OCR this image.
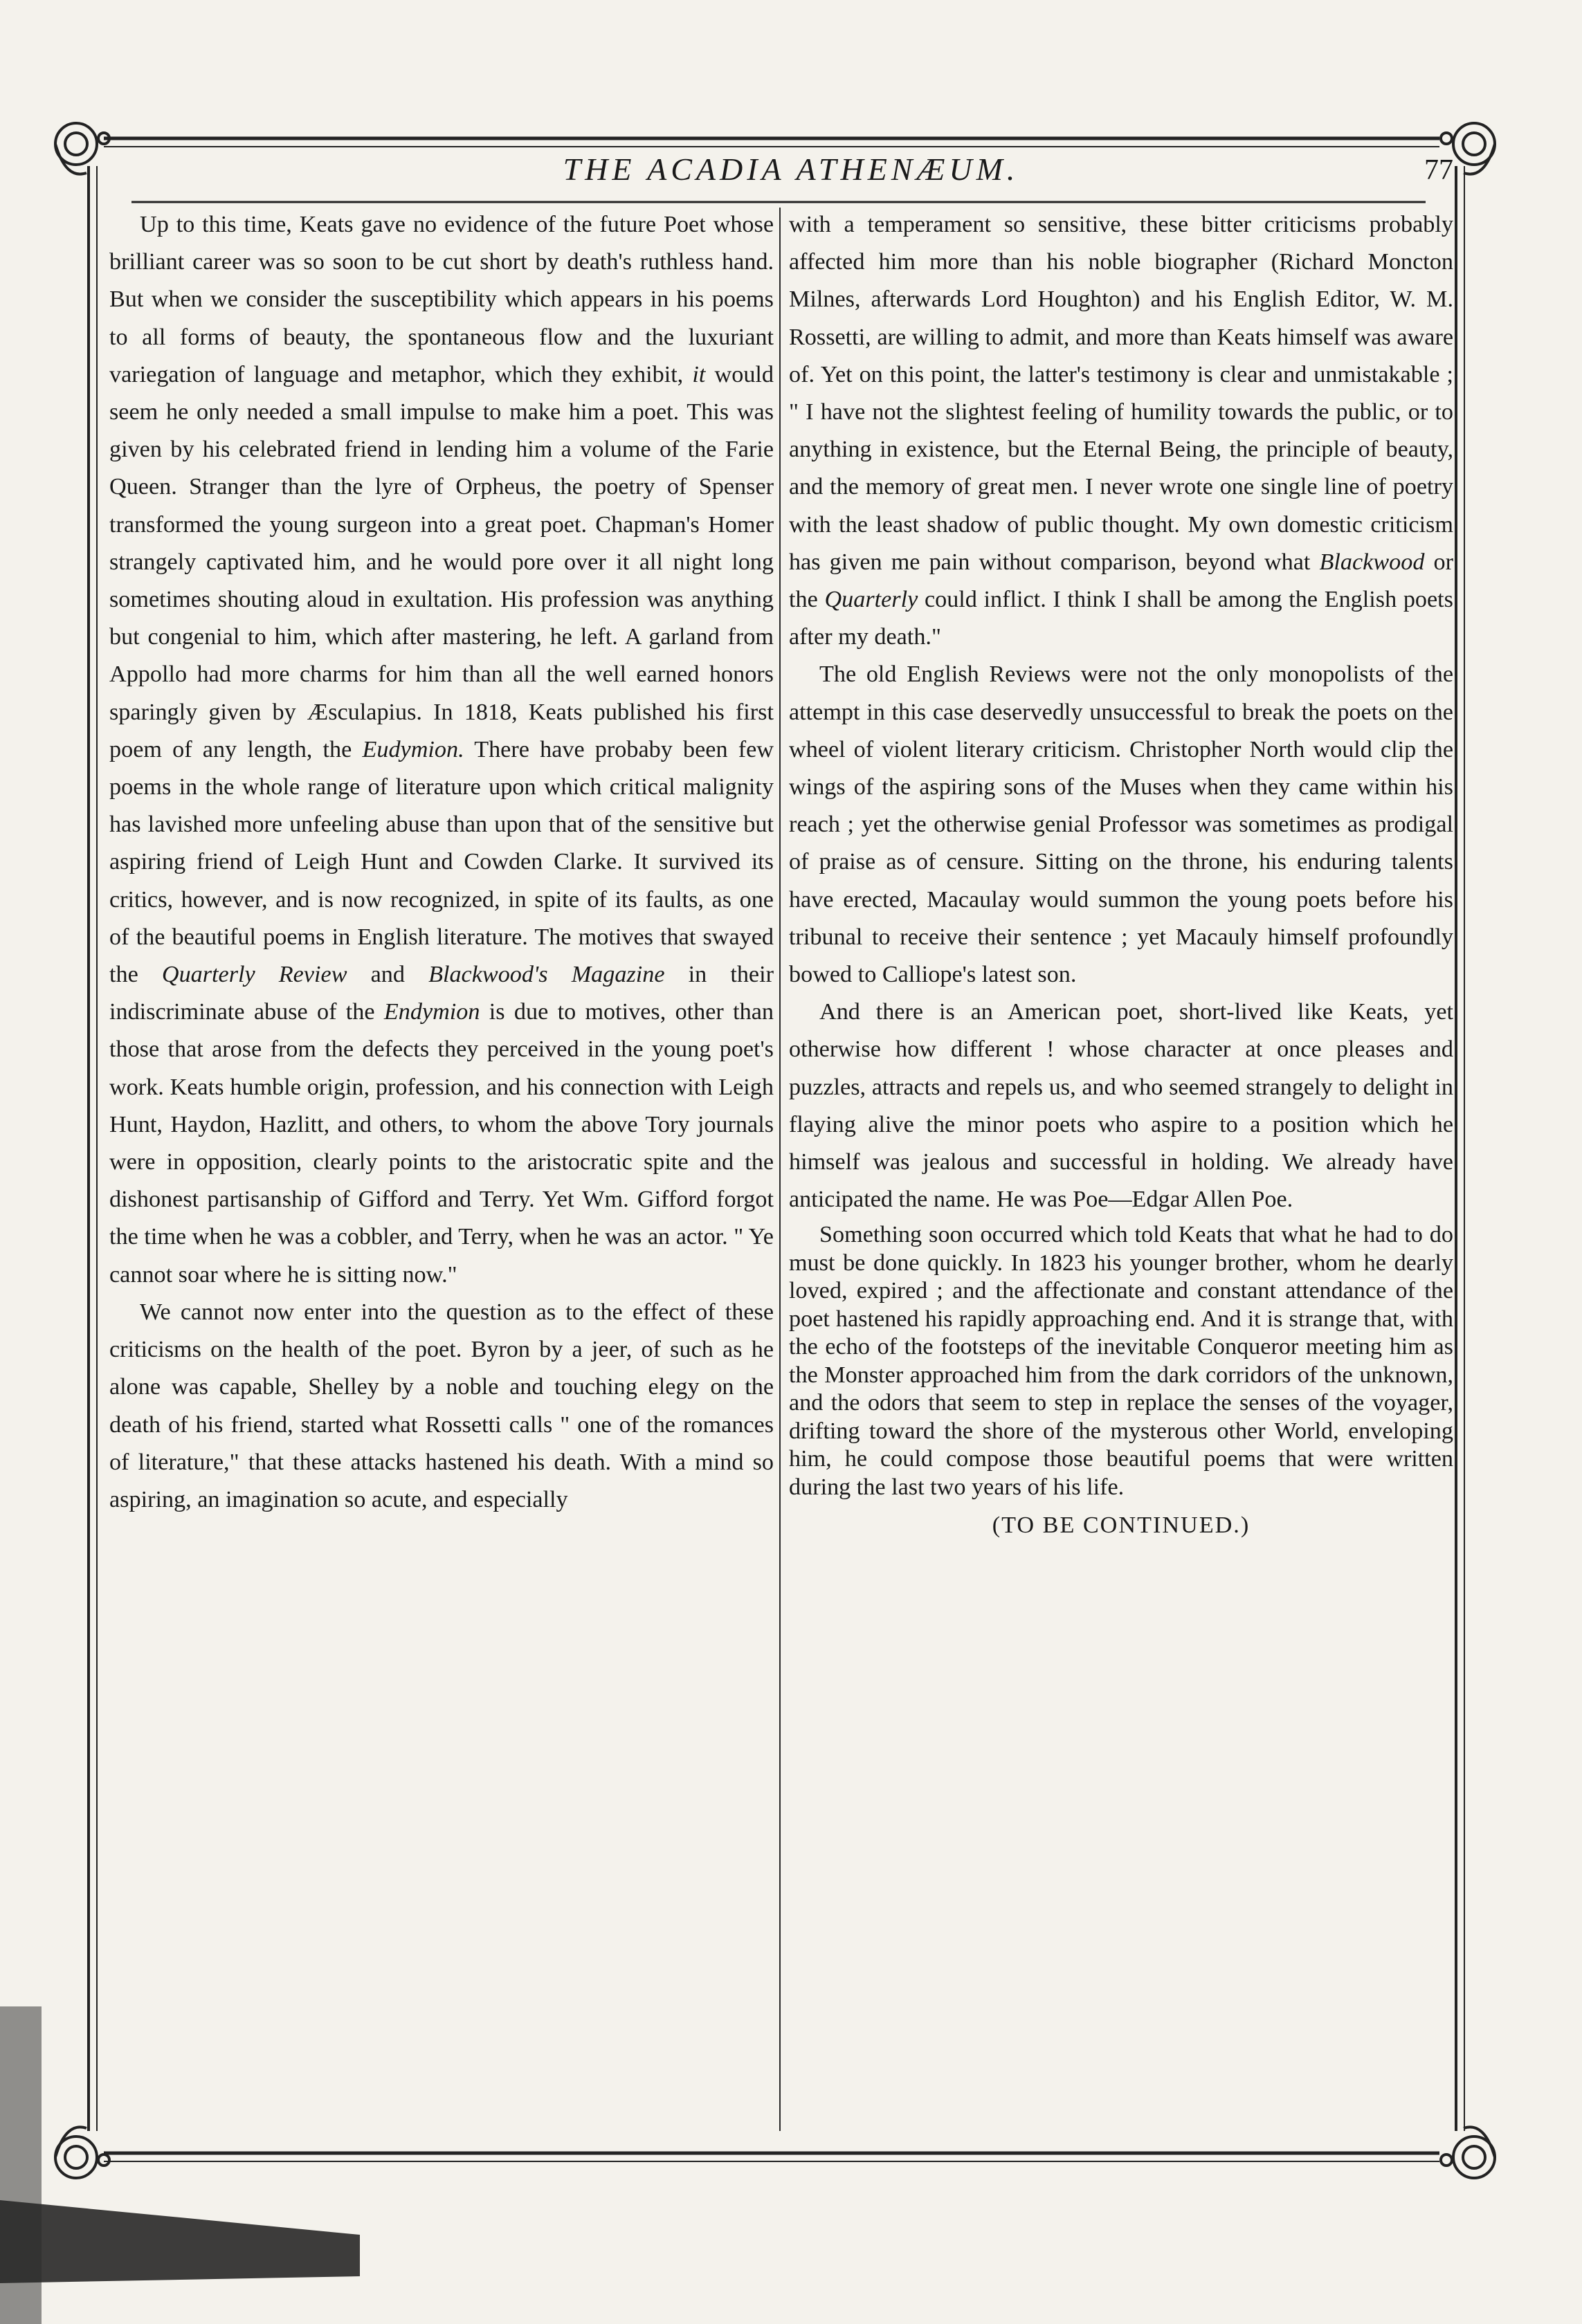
THE ACADIA ATHENÆUM.	77

Up to this time, Keats gave no evidence of the future Poet whose brilliant career was so soon to be cut short by death's ruthless hand. But when we consider the susceptibility which appears in his poems to all forms of beauty, the spontaneous flow and the luxuriant variegation of language and metaphor, which they exhibit, it would seem he only needed a small impulse to make him a poet. This was given by his celebrated friend in lending him a volume of the Farie Queen. Stranger than the lyre of Orpheus, the poetry of Spenser transformed the young surgeon into a great poet. Chapman's Homer strangely captivated him, and he would pore over it all night long sometimes shouting aloud in exultation. His profession was anything but congenial to him, which after mastering, he left. A garland from Appollo had more charms for him than all the well earned honors sparingly given by Æsculapius. In 1818, Keats published his first poem of any length, the Eudymion. There have probaby been few poems in the whole range of literature upon which critical malignity has lavished more unfeeling abuse than upon that of the sensitive but aspiring friend of Leigh Hunt and Cowden Clarke. It survived its critics, however, and is now recognized, in spite of its faults, as one of the beautiful poems in English literature. The motives that swayed the Quarterly Review and Blackwood's Magazine in their indiscriminate abuse of the Endymion is due to motives, other than those that arose from the defects they perceived in the young poet's work. Keats humble origin, profession, and his connection with Leigh Hunt, Haydon, Hazlitt, and others, to whom the above Tory journals were in opposition, clearly points to the aristocratic spite and the dishonest partisanship of Gifford and Terry. Yet Wm. Gifford forgot the time when he was a cobbler, and Terry, when he was an actor. " Ye cannot soar where he is sitting now."

We cannot now enter into the question as to the effect of these criticisms on the health of the poet. Byron by a jeer, of such as he alone was capable, Shelley by a noble and touching elegy on the death of his friend, started what Rossetti calls " one of the romances of literature," that these attacks hastened his death. With a mind so aspiring, an imagination so acute, and especially

with a temperament so sensitive, these bitter criticisms probably affected him more than his noble biographer (Richard Moncton Milnes, afterwards Lord Houghton) and his English Editor, W. M. Rossetti, are willing to admit, and more than Keats himself was aware of. Yet on this point, the latter's testimony is clear and unmistakable ; " I have not the slightest feeling of humility towards the public, or to anything in existence, but the Eternal Being, the principle of beauty, and the memory of great men. I never wrote one single line of poetry with the least shadow of public thought. My own domestic criticism has given me pain without comparison, beyond what Blackwood or the Quarterly could inflict. I think I shall be among the English poets after my death."

The old English Reviews were not the only monopolists of the attempt in this case deservedly unsuccessful to break the poets on the wheel of violent literary criticism. Christopher North would clip the wings of the aspiring sons of the Muses when they came within his reach ; yet the otherwise genial Professor was sometimes as prodigal of praise as of censure. Sitting on the throne, his enduring talents have erected, Macaulay would summon the young poets before his tribunal to receive their sentence ; yet Macauly himself profoundly bowed to Calliope's latest son.

And there is an American poet, short-lived like Keats, yet otherwise how different ! whose character at once pleases and puzzles, attracts and repels us, and who seemed strangely to delight in flaying alive the minor poets who aspire to a position which he himself was jealous and successful in holding. We already have anticipated the name. He was Poe—Edgar Allen Poe.

Something soon occurred which told Keats that what he had to do must be done quickly. In 1823 his younger brother, whom he dearly loved, expired ; and the affectionate and constant attendance of the poet hastened his rapidly approaching end. And it is strange that, with the echo of the footsteps of the inevitable Conqueror meeting him as the Monster approached him from the dark corridors of the unknown, and the odors that seem to step in replace the senses of the voyager, drifting toward the shore of the mysterous other World, enveloping him, he could compose those beautiful poems that were written during the last two years of his life.

(TO BE CONTINUED.)
